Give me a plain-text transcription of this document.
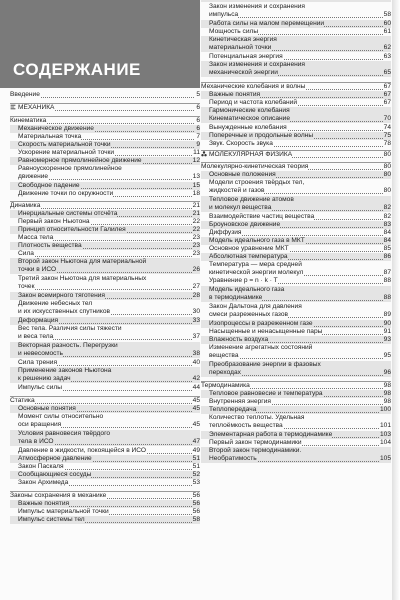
СОДЕРЖАНИЕ
Введение	5
МЕХАНИКА	6
Кинематика	6
Механическое движение	6
Материальная точка	7
Скорость материальной точки	9
Ускорение материальной точки	11
Равномерное прямолинейное движение	12
Равноускоренное прямолинейное
движение	13
Свободное падение	15
Движение точки по окружности	18
Динамика	21
Инерциальные системы отсчёта	21
Первый закон Ньютона	22
Принцип относительности Галилея	22
Масса тела	23
Плотность вещества	23
Сила	23
Второй закон Ньютона для материальной
точки в ИСО	26
Третий закон Ньютона для материальных
точек	27
Закон всемирного тяготения	28
Движение небесных тел
и их искусственных спутников	30
Деформация	33
Вес тела. Различия силы тяжести
и веса тела	37
Векторная разность. Перегрузки
и невесомость	38
Сила трения	40
Применение законов Ньютона
к решению задач	42
Импульс силы	44
Статика	45
Основные понятия	45
Момент силы относительно
оси вращения	45
Условия равновесия твёрдого
тела в ИСО	47
Давление в жидкости, покоящейся в ИСО	49
Атмосферное давление	51
Закон Паскаля	51
Сообщающиеся сосуды	52
Закон Архимеда	53
Законы сохранения в механике	56
Важные понятия	56
Импульс материальной точки	56
Импульс системы тел	58
Закон изменения и сохранения
импульса	58
Работа силы на малом перемещении	60
Мощность силы	61
Кинетическая энергия
материальной точки	62
Потенциальная энергия	63
Закон изменения и сохранения
механической энергии	65
Механические колебания и волны	67
Важные понятия	67
Период и частота колебаний	67
Гармонические колебания
Кинематическое описание	70
Вынужденные колебания	74
Поперечные и продольные волны	75
Звук. Скорость звука	78
МОЛЕКУЛЯРНАЯ ФИЗИКА	80
Молекулярно-кинетическая теория	80
Основные положения	80
Модели строения твёрдых тел,
жидкостей и газов	80
Тепловое движение атомов
и молекул вещества	82
Взаимодействие частиц вещества	82
Броуновское движение	83
Диффузия	84
Модель идеального газа в МКТ	84
Основное уравнение МКТ	85
Абсолютная температура	86
Температура — мера средней
кинетической энергии молекул	87
Уравнение p = n · k · T	88
Модель идеального газа
в термодинамике	88
Закон Дальтона для давления
смеси разреженных газов	89
Изопроцессы в разреженном газе	90
Насыщенные и ненасыщенные пары	91
Влажность воздуха	93
Изменение агрегатных состояний
вещества	95
Преобразование энергии в фазовых
переходах	96
Термодинамика	98
Тепловое равновесие и температура	98
Внутренняя энергия	98
Теплопередача	100
Количество теплоты. Удельная
теплоёмкость вещества	101
Элементарная работа в термодинамике	103
Первый закон термодинамики	104
Второй закон термодинамики.
Необратимость	105
